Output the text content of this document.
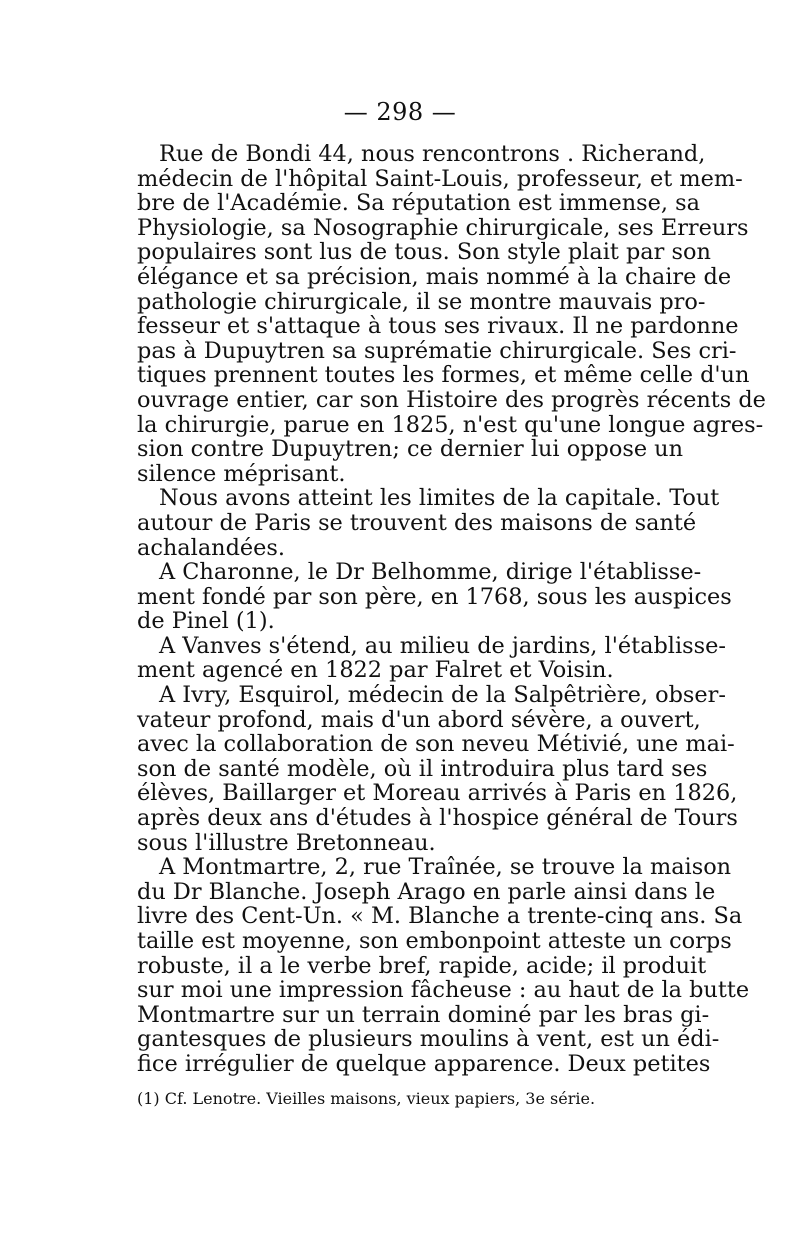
— 298 —
Rue de Bondi 44, nous rencontrons . Richerand,
médecin de l'hôpital Saint-Louis, professeur, et mem-
bre de l'Académie. Sa réputation est immense, sa
Physiologie, sa Nosographie chirurgicale, ses Erreurs
populaires sont lus de tous. Son style plait par son
élégance et sa précision, mais nommé à la chaire de
pathologie chirurgicale, il se montre mauvais pro-
fesseur et s'attaque à tous ses rivaux. Il ne pardonne
pas à Dupuytren sa suprématie chirurgicale. Ses cri-
tiques prennent toutes les formes, et même celle d'un
ouvrage entier, car son Histoire des progrès récents de
la chirurgie, parue en 1825, n'est qu'une longue agres-
sion contre Dupuytren; ce dernier lui oppose un
silence méprisant.
Nous avons atteint les limites de la capitale. Tout
autour de Paris se trouvent des maisons de santé
achalandées.
A Charonne, le Dr Belhomme, dirige l'établisse-
ment fondé par son père, en 1768, sous les auspices
de Pinel (1).
A Vanves s'étend, au milieu de jardins, l'établisse-
ment agencé en 1822 par Falret et Voisin.
A Ivry, Esquirol, médecin de la Salpêtrière, obser-
vateur profond, mais d'un abord sévère, a ouvert,
avec la collaboration de son neveu Métivié, une mai-
son de santé modèle, où il introduira plus tard ses
élèves, Baillarger et Moreau arrivés à Paris en 1826,
après deux ans d'études à l'hospice général de Tours
sous l'illustre Bretonneau.
A Montmartre, 2, rue Traînée, se trouve la maison
du Dr Blanche. Joseph Arago en parle ainsi dans le
livre des Cent-Un. « M. Blanche a trente-cinq ans. Sa
taille est moyenne, son embonpoint atteste un corps
robuste, il a le verbe bref, rapide, acide; il produit
sur moi une impression fâcheuse : au haut de la butte
Montmartre sur un terrain dominé par les bras gi-
gantesques de plusieurs moulins à vent, est un édi-
fice irrégulier de quelque apparence. Deux petites
(1) Cf. Lenotre. Vieilles maisons, vieux papiers, 3e série.
